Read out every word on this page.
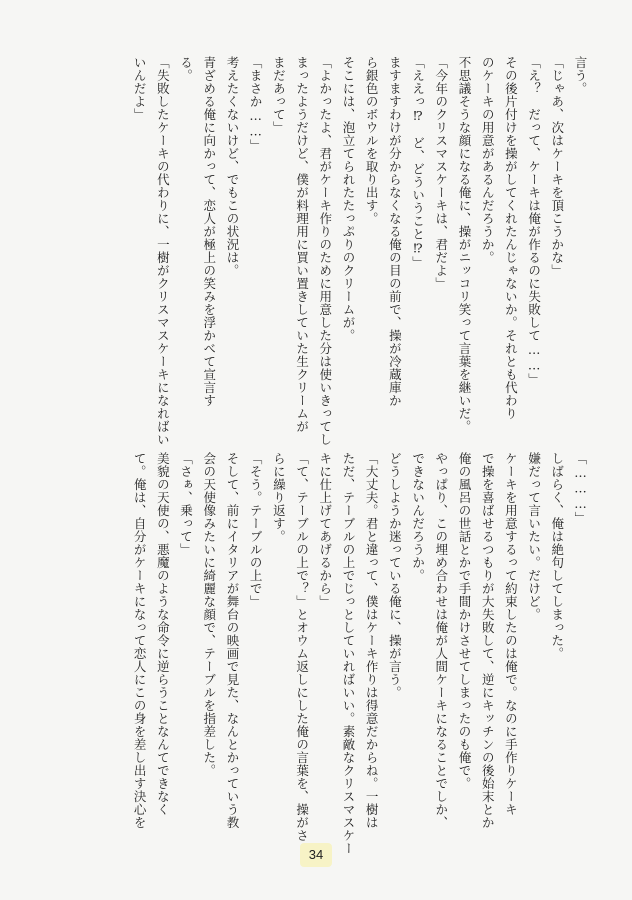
言う。
「じゃあ、次はケーキを頂こうかな」
「え？　だって、ケーキは俺が作るのに失敗して……」
その後片付けを操がしてくれたんじゃないか。それとも代わり
のケーキの用意があるんだろうか。
不思議そうな顔になる俺に、操がニッコリ笑って言葉を継いだ。
「今年のクリスマスケーキは、君だよ」
「ええっ⁉　ど、どういうこと⁉」
ますますわけが分からなくなる俺の目の前で、操が冷蔵庫か
ら銀色のボウルを取り出す。
そこには、泡立てられたたっぷりのクリームが。
「よかったよ、君がケーキ作りのために用意した分は使いきってし
まったようだけど、僕が料理用に買い置きしていた生クリームが
まだあって」
「まさか……」
考えたくないけど、でもこの状況は。
青ざめる俺に向かって、恋人が極上の笑みを浮かべて宣言す
る。
「失敗したケーキの代わりに、一樹がクリスマスケーキになればい
いんだよ」
「………」
しばらく、俺は絶句してしまった。
嫌だって言いたい。だけど。
ケーキを用意するって約束したのは俺で。なのに手作りケーキ
で操を喜ばせるつもりが大失敗して、逆にキッチンの後始末とか
俺の風呂の世話とかで手間かけさせてしまったのも俺で。
やっぱり、この埋め合わせは俺が人間ケーキになることでしか、
できないんだろうか。
どうしようか迷っている俺に、操が言う。
「大丈夫。君と違って、僕はケーキ作りは得意だからね。一樹は
ただ、テーブルの上でじっとしていればいい。素敵なクリスマスケー
キに仕上げてあげるから」
「て、テーブルの上で？」とオウム返しにした俺の言葉を、操がさ
らに繰り返す。
「そう。テーブルの上で」
そして、前にイタリアが舞台の映画で見た、なんとかっていう教
会の天使像みたいに綺麗な顔で、テーブルを指差した。
「さぁ、乗って」
美貌の天使の、悪魔のような命令に逆らうことなんてできなく
て。俺は、自分がケーキになって恋人にこの身を差し出す決心を
34
